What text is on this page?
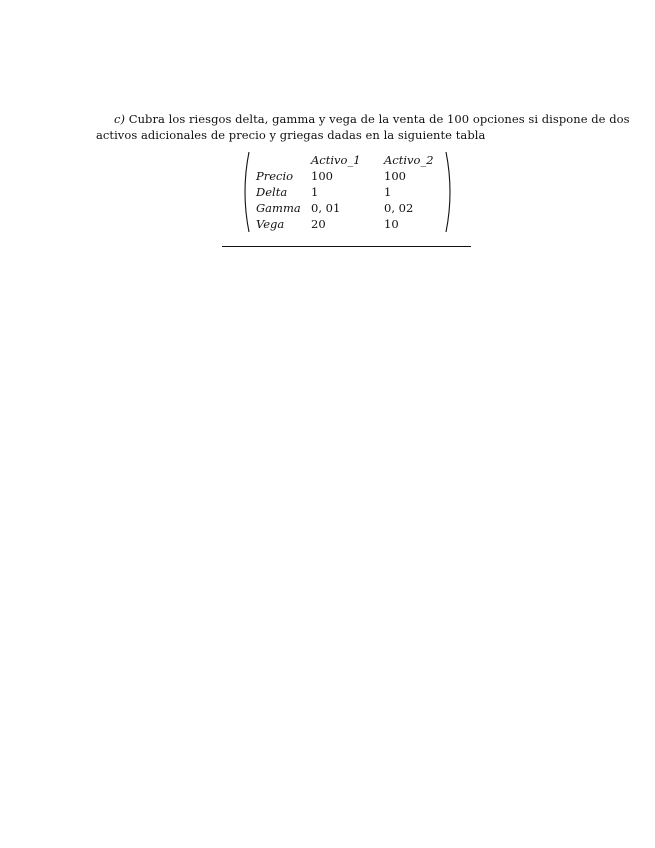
c) Cubra los riesgos delta, gamma y vega de la venta de 100 opciones si dispone de dos
activos adicionales de precio y griegas dadas en la siguiente tabla
	Activo_1	Activo_2
Precio	100	100
Delta	1	1
Gamma	0, 01	0, 02
Vega	20	10
